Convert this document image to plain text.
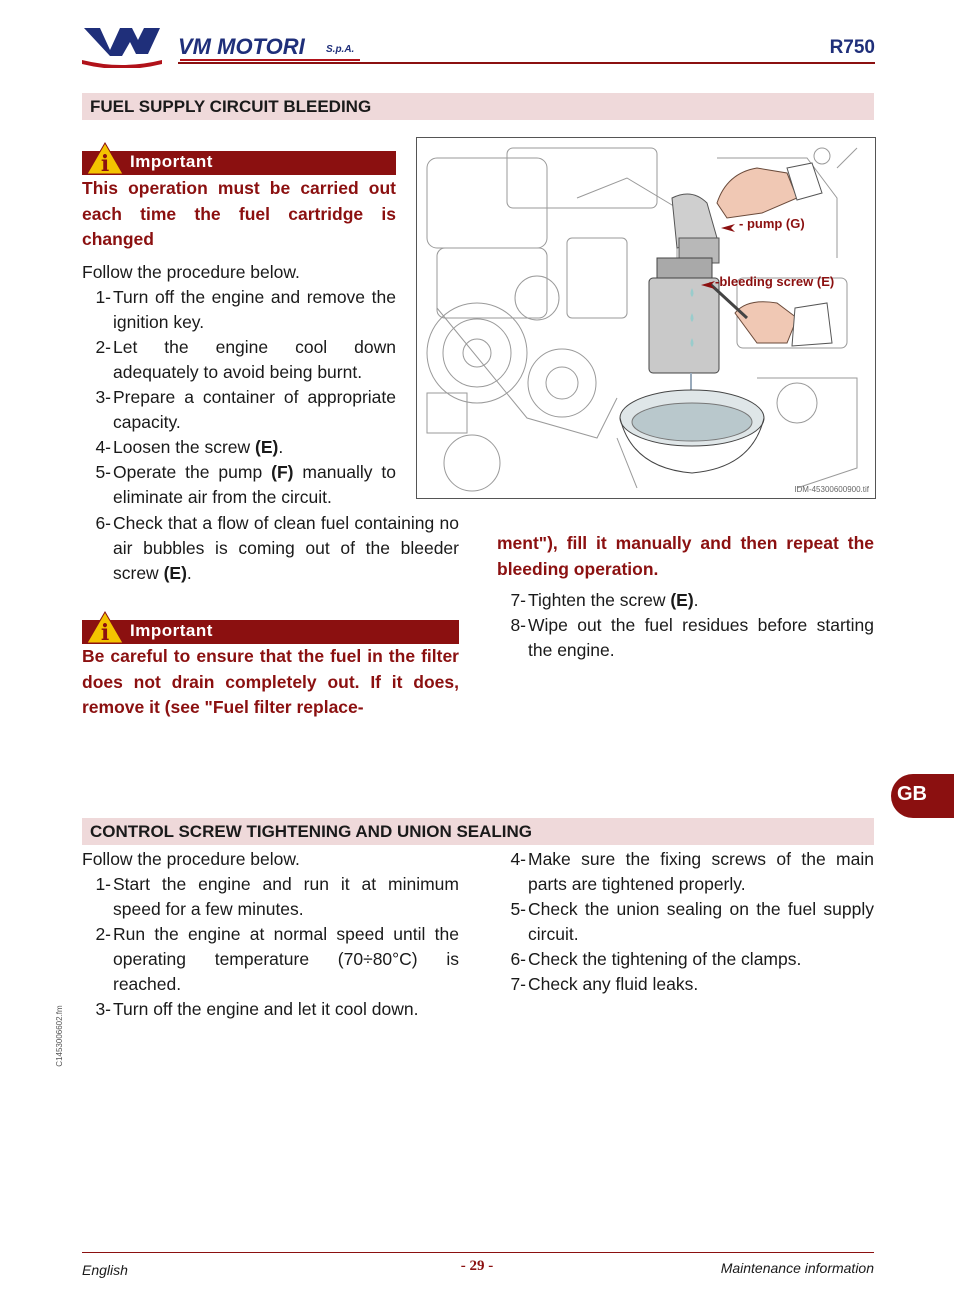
VM MOTORI S.p.A.	R750
FUEL SUPPLY CIRCUIT BLEEDING
i Important
This operation must be carried out each time the fuel cartridge is changed
Follow the procedure below.
1- Turn off the engine and remove the ignition key.
2- Let the engine cool down adequately to avoid being burnt.
3- Prepare a container of appropriate capacity.
4- Loosen the screw (E).
5- Operate the pump (F) manually to eliminate air from the circuit.
6- Check that a flow of clean fuel containing no air bubbles is coming out of the bleeder screw (E).
i Important
Be careful to ensure that the fuel in the filter does not drain completely out. If it does, remove it (see "Fuel filter replace-
- pump (G)
-bleeding screw (E)
IDM-45300600900.tif
ment"), fill it manually and then repeat the bleeding operation.
7- Tighten the screw (E).
8- Wipe out the fuel residues before starting the engine.
GB
CONTROL SCREW TIGHTENING AND UNION SEALING
Follow the procedure below.
1- Start the engine and run it at minimum speed for a few minutes.
2- Run the engine at normal speed until the operating temperature (70÷80°C) is reached.
3- Turn off the engine and let it cool down.
4- Make sure the fixing screws of the main parts are tightened properly.
5- Check the union sealing on the fuel supply circuit.
6- Check the tightening of the clamps.
7- Check any fluid leaks.
C1453006602.fm
English	- 29 -	Maintenance information
